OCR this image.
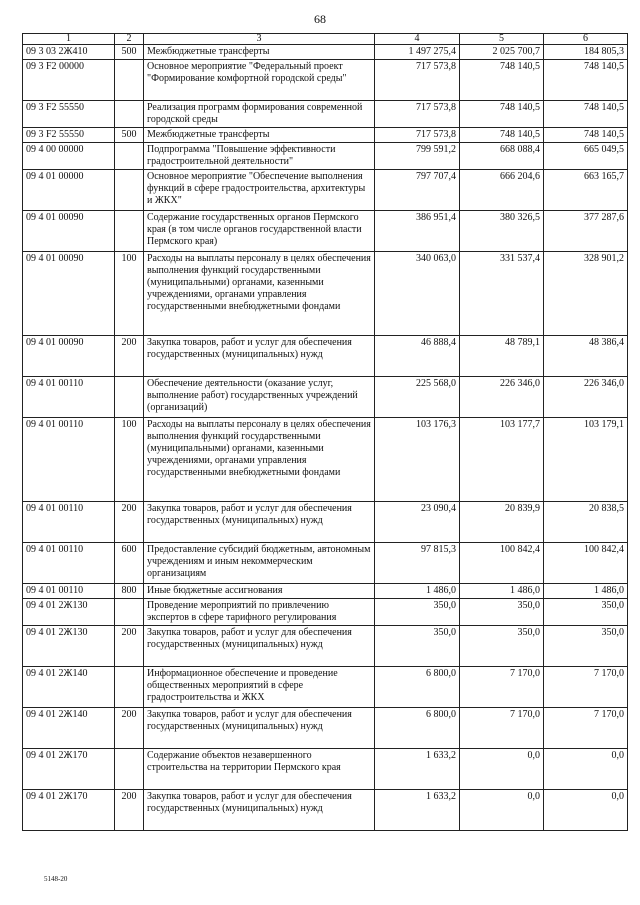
68
1	2	3	4	5	6
09 3 03 2Ж410	500	Межбюджетные трансферты	1 497 275,4	2 025 700,7	184 805,3
09 3 F2 00000		Основное мероприятие "Федеральный проект "Формирование комфортной городской среды"	717 573,8	748 140,5	748 140,5
09 3 F2 55550		Реализация программ формирования современной городской среды	717 573,8	748 140,5	748 140,5
09 3 F2 55550	500	Межбюджетные трансферты	717 573,8	748 140,5	748 140,5
09 4 00 00000		Подпрограмма "Повышение эффективности градостроительной деятельности"	799 591,2	668 088,4	665 049,5
09 4 01 00000		Основное мероприятие "Обеспечение выполнения функций в сфере градостроительства, архитектуры и ЖКХ"	797 707,4	666 204,6	663 165,7
09 4 01 00090		Содержание государственных органов Пермского края (в том числе органов государственной власти Пермского края)	386 951,4	380 326,5	377 287,6
09 4 01 00090	100	Расходы на выплаты персоналу в целях обеспечения выполнения функций государственными (муниципальными) органами, казенными учреждениями, органами управления государственными внебюджетными фондами	340 063,0	331 537,4	328 901,2
09 4 01 00090	200	Закупка товаров, работ и услуг для обеспечения государственных (муниципальных) нужд	46 888,4	48 789,1	48 386,4
09 4 01 00110		Обеспечение деятельности (оказание услуг, выполнение работ) государственных учреждений (организаций)	225 568,0	226 346,0	226 346,0
09 4 01 00110	100	Расходы на выплаты персоналу в целях обеспечения выполнения функций государственными (муниципальными) органами, казенными учреждениями, органами управления государственными внебюджетными фондами	103 176,3	103 177,7	103 179,1
09 4 01 00110	200	Закупка товаров, работ и услуг для обеспечения государственных (муниципальных) нужд	23 090,4	20 839,9	20 838,5
09 4 01 00110	600	Предоставление субсидий бюджетным, автономным учреждениям и иным некоммерческим организациям	97 815,3	100 842,4	100 842,4
09 4 01 00110	800	Иные бюджетные ассигнования	1 486,0	1 486,0	1 486,0
09 4 01 2Ж130		Проведение мероприятий по привлечению экспертов в сфере тарифного регулирования	350,0	350,0	350,0
09 4 01 2Ж130	200	Закупка товаров, работ и услуг для обеспечения государственных (муниципальных) нужд	350,0	350,0	350,0
09 4 01 2Ж140		Информационное обеспечение и проведение общественных мероприятий в сфере градостроительства и ЖКХ	6 800,0	7 170,0	7 170,0
09 4 01 2Ж140	200	Закупка товаров, работ и услуг для обеспечения государственных (муниципальных) нужд	6 800,0	7 170,0	7 170,0
09 4 01 2Ж170		Содержание объектов незавершенного строительства на территории Пермского края	1 633,2	0,0	0,0
09 4 01 2Ж170	200	Закупка товаров, работ и услуг для обеспечения государственных (муниципальных) нужд	1 633,2	0,0	0,0
5148-20
